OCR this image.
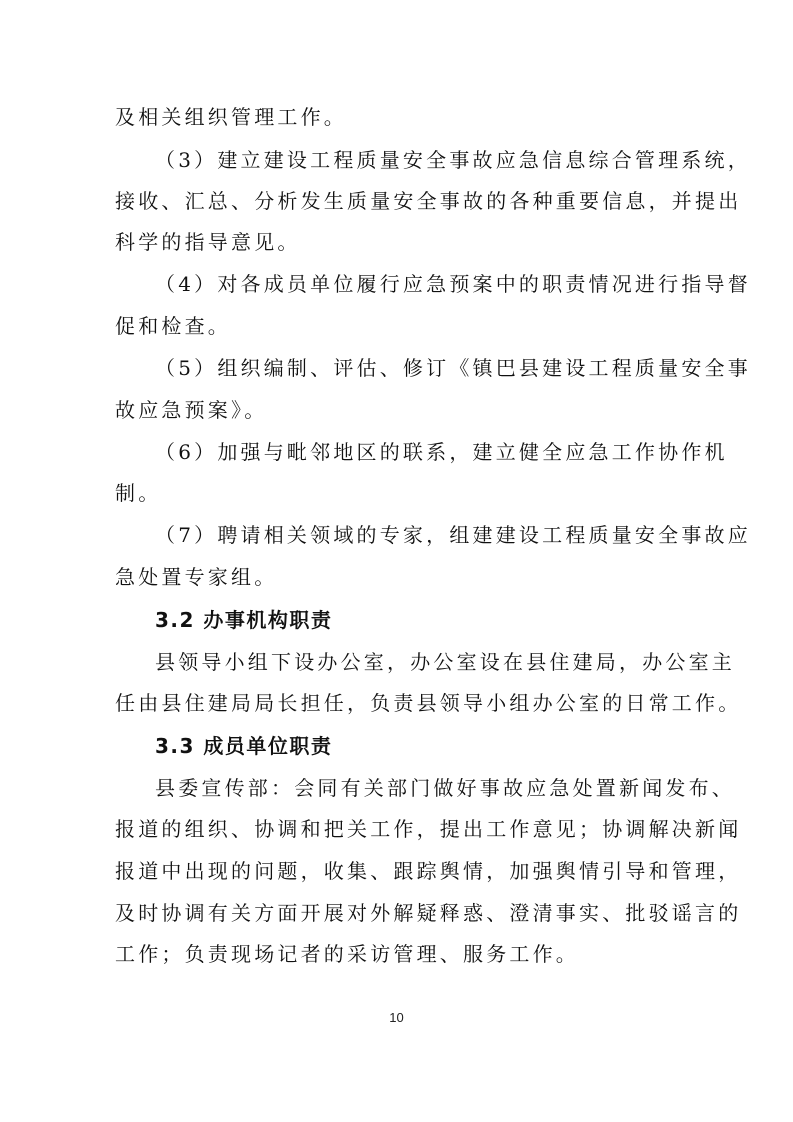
及相关组织管理工作。
（3）建立建设工程质量安全事故应急信息综合管理系统，
接收、汇总、分析发生质量安全事故的各种重要信息，并提出
科学的指导意见。
（4）对各成员单位履行应急预案中的职责情况进行指导督
促和检查。
（5）组织编制、评估、修订《镇巴县建设工程质量安全事
故应急预案》。
（6）加强与毗邻地区的联系，建立健全应急工作协作机
制。
（7）聘请相关领域的专家，组建建设工程质量安全事故应
急处置专家组。
3.2 办事机构职责
县领导小组下设办公室，办公室设在县住建局，办公室主
任由县住建局局长担任，负责县领导小组办公室的日常工作。
3.3 成员单位职责
县委宣传部：会同有关部门做好事故应急处置新闻发布、
报道的组织、协调和把关工作，提出工作意见；协调解决新闻
报道中出现的问题，收集、跟踪舆情，加强舆情引导和管理，
及时协调有关方面开展对外解疑释惑、澄清事实、批驳谣言的
工作；负责现场记者的采访管理、服务工作。
10
